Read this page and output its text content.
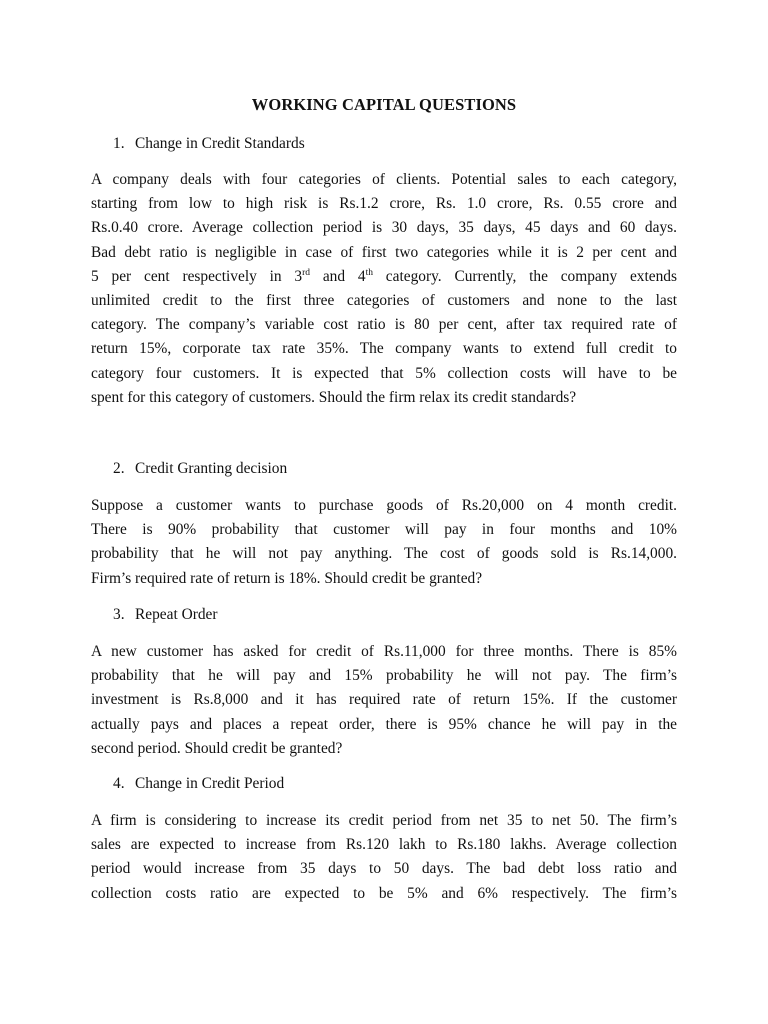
WORKING CAPITAL QUESTIONS
1. Change in Credit Standards
A company deals with four categories of clients. Potential sales to each category,
starting from low to high risk is Rs.1.2 crore, Rs. 1.0 crore, Rs. 0.55 crore and
Rs.0.40 crore. Average collection period is 30 days, 35 days, 45 days and 60 days.
Bad debt ratio is negligible in case of first two categories while it is 2 per cent and
5 per cent respectively in 3rd and 4th category. Currently, the company extends
unlimited credit to the first three categories of customers and none to the last
category. The company’s variable cost ratio is 80 per cent, after tax required rate of
return 15%, corporate tax rate 35%. The company wants to extend full credit to
category four customers. It is expected that 5% collection costs will have to be
spent for this category of customers. Should the firm relax its credit standards?
2. Credit Granting decision
Suppose a customer wants to purchase goods of Rs.20,000 on 4 month credit.
There is 90% probability that customer will pay in four months and 10%
probability that he will not pay anything. The cost of goods sold is Rs.14,000.
Firm’s required rate of return is 18%. Should credit be granted?
3. Repeat Order
A new customer has asked for credit of Rs.11,000 for three months. There is 85%
probability that he will pay and 15% probability he will not pay. The firm’s
investment is Rs.8,000 and it has required rate of return 15%. If the customer
actually pays and places a repeat order, there is 95% chance he will pay in the
second period. Should credit be granted?
4. Change in Credit Period
A firm is considering to increase its credit period from net 35 to net 50. The firm’s
sales are expected to increase from Rs.120 lakh to Rs.180 lakhs. Average collection
period would increase from 35 days to 50 days. The bad debt loss ratio and
collection costs ratio are expected to be 5% and 6% respectively. The firm’s
